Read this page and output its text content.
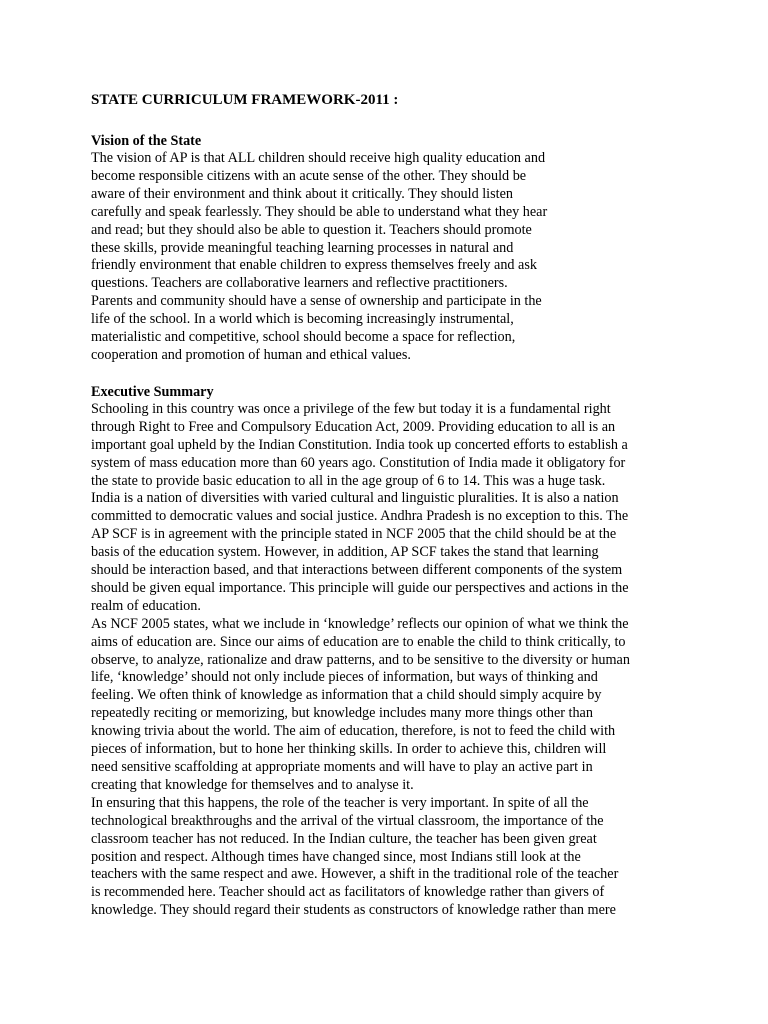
STATE CURRICULUM FRAMEWORK-2011 :
Vision of the State
The vision of AP is that ALL children should receive high quality education and
become responsible citizens with an acute sense of the other. They should be
aware of their environment and think about it critically. They should listen
carefully and speak fearlessly. They should be able to understand what they hear
and read; but they should also be able to question it. Teachers should promote
these skills, provide meaningful teaching learning processes in natural and
friendly environment that enable children to express themselves freely and ask
questions. Teachers are collaborative learners and reflective practitioners.
Parents and community should have a sense of ownership and participate in the
life of the school. In a world which is becoming increasingly instrumental,
materialistic and competitive, school should become a space for reflection,
cooperation and promotion of human and ethical values.
Executive Summary
Schooling in this country was once a privilege of the few but today it is a fundamental right
through Right to Free and Compulsory Education Act, 2009. Providing education to all is an
important goal upheld by the Indian Constitution. India took up concerted efforts to establish a
system of mass education more than 60 years ago. Constitution of India made it obligatory for
the state to provide basic education to all in the age group of 6 to 14. This was a huge task.
India is a nation of diversities with varied cultural and linguistic pluralities. It is also a nation
committed to democratic values and social justice. Andhra Pradesh is no exception to this. The
AP SCF is in agreement with the principle stated in NCF 2005 that the child should be at the
basis of the education system. However, in addition, AP SCF takes the stand that learning
should be interaction based, and that interactions between different components of the system
should be given equal importance. This principle will guide our perspectives and actions in the
realm of education.
As NCF 2005 states, what we include in ‘knowledge’ reflects our opinion of what we think the
aims of education are. Since our aims of education are to enable the child to think critically, to
observe, to analyze, rationalize and draw patterns, and to be sensitive to the diversity or human
life, ‘knowledge’ should not only include pieces of information, but ways of thinking and
feeling. We often think of knowledge as information that a child should simply acquire by
repeatedly reciting or memorizing, but knowledge includes many more things other than
knowing trivia about the world. The aim of education, therefore, is not to feed the child with
pieces of information, but to hone her thinking skills. In order to achieve this, children will
need sensitive scaffolding at appropriate moments and will have to play an active part in
creating that knowledge for themselves and to analyse it.
In ensuring that this happens, the role of the teacher is very important. In spite of all the
technological breakthroughs and the arrival of the virtual classroom, the importance of the
classroom teacher has not reduced. In the Indian culture, the teacher has been given great
position and respect. Although times have changed since, most Indians still look at the
teachers with the same respect and awe. However, a shift in the traditional role of the teacher
is recommended here. Teacher should act as facilitators of knowledge rather than givers of
knowledge. They should regard their students as constructors of knowledge rather than mere
